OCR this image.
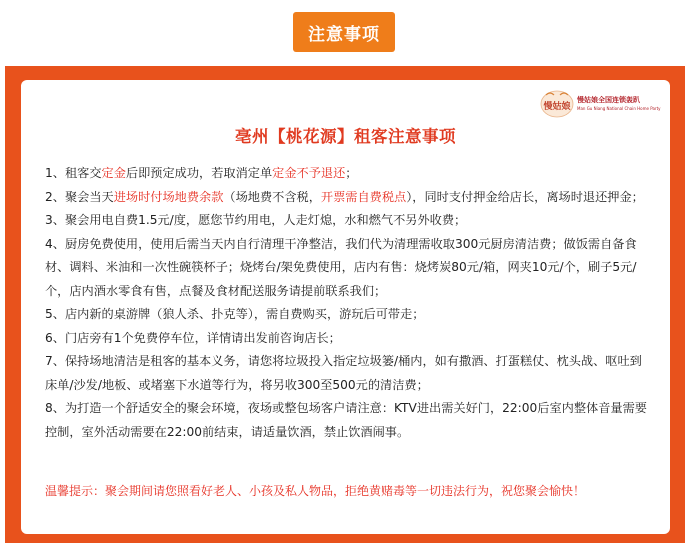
注意事项
慢姑娘
慢姑娘全国连锁轰趴
Man Gu Niang National Chain Home Party
亳州【桃花源】租客注意事项
1、租客交定金后即预定成功，若取消定单定金不予退还；
2、聚会当天进场时付场地费余款（场地费不含税，开票需自费税点），同时支付押金给店长，离场时退还押金；
3、聚会用电自费1.5元/度，愿您节约用电，人走灯熄，水和燃气不另外收费；
4、厨房免费使用，使用后需当天内自行清理干净整洁，我们代为清理需收取300元厨房清洁费；做饭需自备食材、调料、米油和一次性碗筷杯子；烧烤台/架免费使用，店内有售：烧烤炭80元/箱，网夹10元/个，刷子5元/个，店内酒水零食有售，点餐及食材配送服务请提前联系我们；
5、店内新的桌游牌（狼人杀、扑克等），需自费购买，游玩后可带走；
6、门店旁有1个免费停车位，详情请出发前咨询店长；
7、保持场地清洁是租客的基本义务，请您将垃圾投入指定垃圾篓/桶内，如有撒酒、打蛋糕仗、枕头战、呕吐到床单/沙发/地板、或堵塞下水道等行为，将另收300至500元的清洁费；
8、为打造一个舒适安全的聚会环境，夜场或整包场客户请注意：KTV进出需关好门，22:00后室内整体音量需要控制，室外活动需要在22:00前结束，请适量饮酒，禁止饮酒闹事。
温馨提示：聚会期间请您照看好老人、小孩及私人物品，拒绝黄赌毒等一切违法行为，祝您聚会愉快！
